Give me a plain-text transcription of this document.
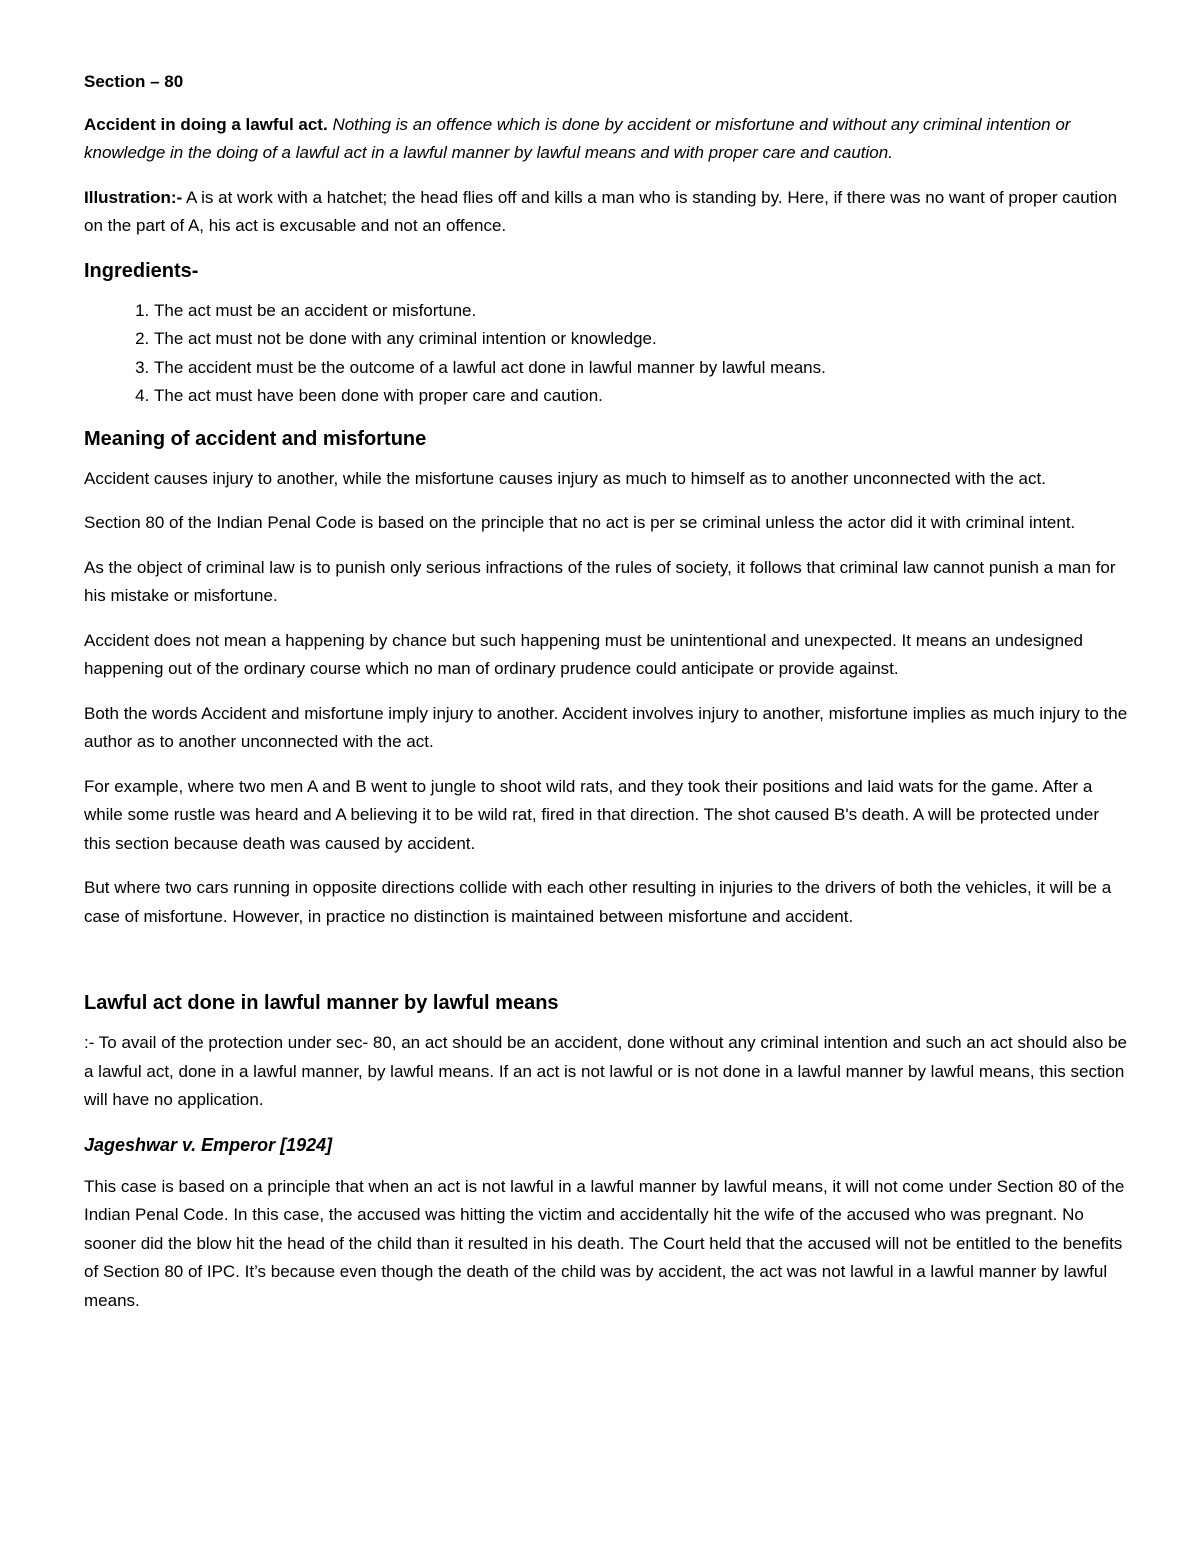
Section – 80

Accident in doing a lawful act. Nothing is an offence which is done by accident or misfortune and without any criminal intention or knowledge in the doing of a lawful act in a lawful manner by lawful means and with proper care and caution.

Illustration:- A is at work with a hatchet; the head flies off and kills a man who is standing by. Here, if there was no want of proper caution on the part of A, his act is excusable and not an offence.

Ingredients-
1. The act must be an accident or misfortune.
2. The act must not be done with any criminal intention or knowledge.
3. The accident must be the outcome of a lawful act done in lawful manner by lawful means.
4. The act must have been done with proper care and caution.
Meaning of accident and misfortune

Accident causes injury to another, while the misfortune causes injury as much to himself as to another unconnected with the act.

Section 80 of the Indian Penal Code is based on the principle that no act is per se criminal unless the actor did it with criminal intent.

As the object of criminal law is to punish only serious infractions of the rules of society, it follows that criminal law cannot punish a man for his mistake or misfortune.

Accident does not mean a happening by chance but such happening must be unintentional and unexpected. It means an undesigned happening out of the ordinary course which no man of ordinary prudence could anticipate or provide against.

Both the words Accident and misfortune imply injury to another. Accident involves injury to another, misfortune implies as much injury to the author as to another unconnected with the act.

For example, where two men A and B went to jungle to shoot wild rats, and they took their positions and laid wats for the game. After a while some rustle was heard and A believing it to be wild rat, fired in that direction. The shot caused B's death. A will be protected under this section because death was caused by accident.

But where two cars running in opposite directions collide with each other resulting in injuries to the drivers of both the vehicles, it will be a case of misfortune. However, in practice no distinction is maintained between misfortune and accident.

Lawful act done in lawful manner by lawful means

:- To avail of the protection under sec- 80, an act should be an accident, done without any criminal intention and such an act should also be a lawful act, done in a lawful manner, by lawful means. If an act is not lawful or is not done in a lawful manner by lawful means, this section will have no application.

Jageshwar v. Emperor [1924]

This case is based on a principle that when an act is not lawful in a lawful manner by lawful means, it will not come under Section 80 of the Indian Penal Code. In this case, the accused was hitting the victim and accidentally hit the wife of the accused who was pregnant. No sooner did the blow hit the head of the child than it resulted in his death. The Court held that the accused will not be entitled to the benefits of Section 80 of IPC. It’s because even though the death of the child was by accident, the act was not lawful in a lawful manner by lawful means.
